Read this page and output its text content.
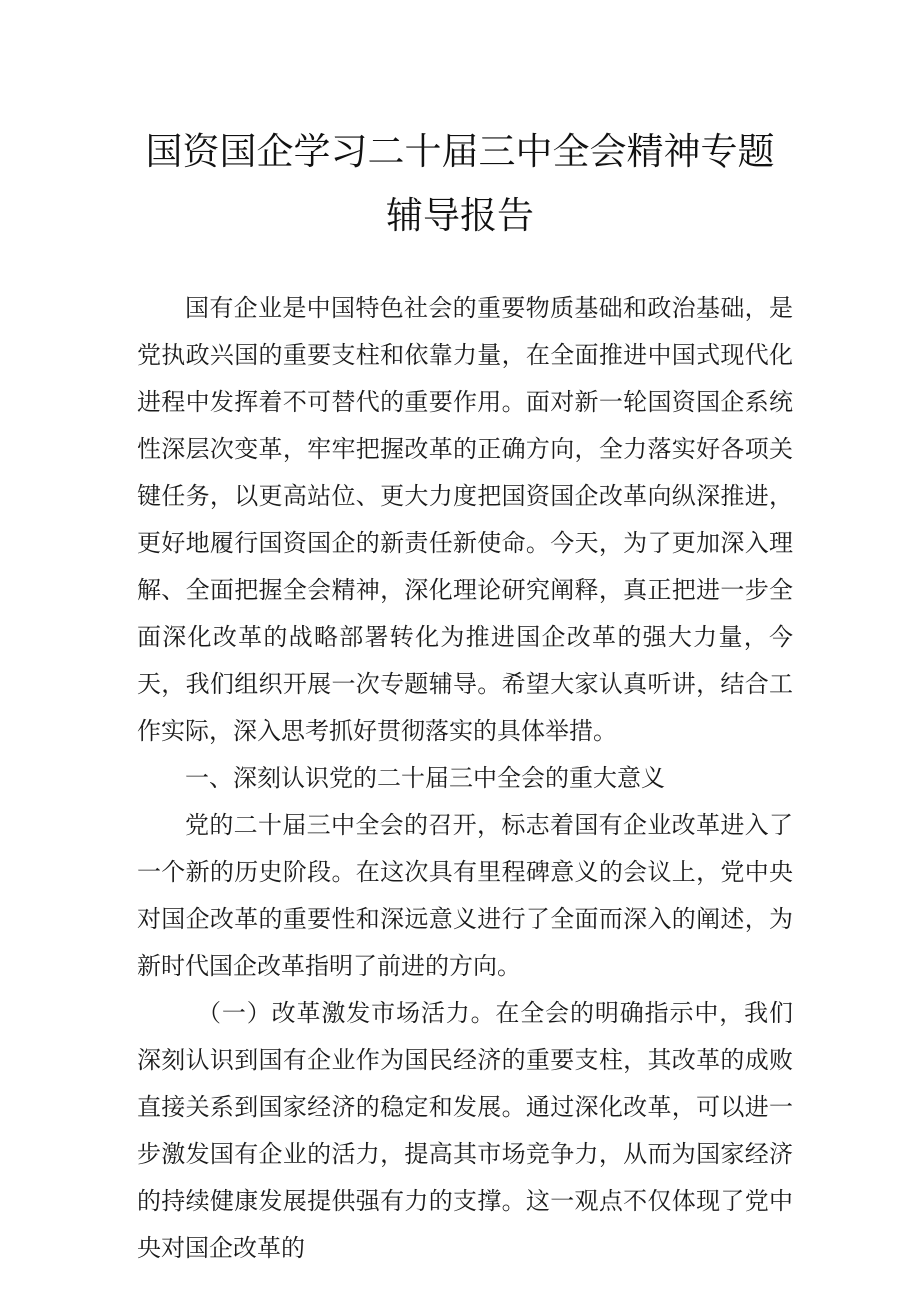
国资国企学习二十届三中全会精神专题辅导报告

国有企业是中国特色社会的重要物质基础和政治基础，是党执政兴国的重要支柱和依靠力量，在全面推进中国式现代化进程中发挥着不可替代的重要作用。面对新一轮国资国企系统性深层次变革，牢牢把握改革的正确方向，全力落实好各项关键任务，以更高站位、更大力度把国资国企改革向纵深推进，更好地履行国资国企的新责任新使命。今天，为了更加深入理解、全面把握全会精神，深化理论研究阐释，真正把进一步全面深化改革的战略部署转化为推进国企改革的强大力量，今天，我们组织开展一次专题辅导。希望大家认真听讲，结合工作实际，深入思考抓好贯彻落实的具体举措。

一、深刻认识党的二十届三中全会的重大意义

党的二十届三中全会的召开，标志着国有企业改革进入了一个新的历史阶段。在这次具有里程碑意义的会议上，党中央对国企改革的重要性和深远意义进行了全面而深入的阐述，为新时代国企改革指明了前进的方向。

（一）改革激发市场活力。在全会的明确指示中，我们深刻认识到国有企业作为国民经济的重要支柱，其改革的成败直接关系到国家经济的稳定和发展。通过深化改革，可以进一步激发国有企业的活力，提高其市场竞争力，从而为国家经济的持续健康发展提供强有力的支撑。这一观点不仅体现了党中央对国企改革的
